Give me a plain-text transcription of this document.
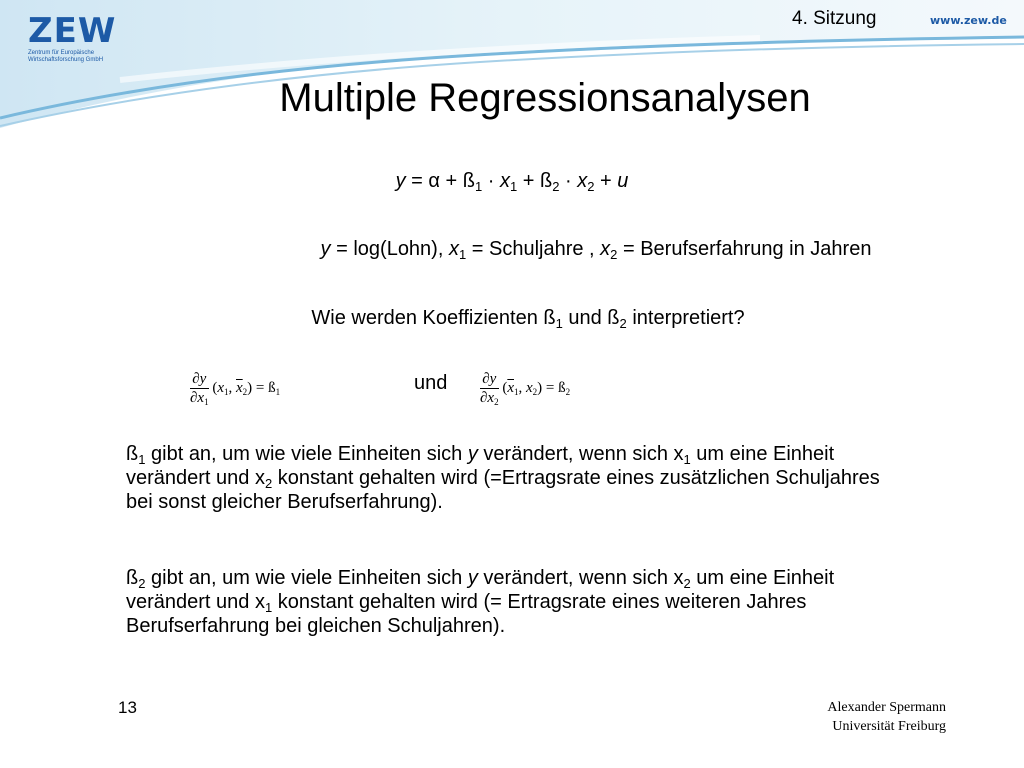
ZEW
Zentrum für Europäische Wirtschaftsforschung GmbH
4. Sitzung	www.zew.de
Multiple Regressionsanalysen
$y = \alpha + ß_1 \cdot x_1$ + $ß_2 \cdot x_2 + u$
y = log(Lohn), $x_1$ = Schuljahre , $x_2$ = Berufserfahrung in Jahren
Wie werden Koeffizienten $ß_1$ und $ß_2$ interpretiert?
$\frac{\partial y}{\partial x_1} (x_1$, $\overline{x}_2$) = $ß_1$	und $\frac{\partial y}{\partial x_2} (\overline{x}_1$, $x_2$) = $ß_2$
$ß_1$ gibt an, um wie viele Einheiten sich y verändert, wenn sich $x_1$ um eine Einheit verändert und $x_2$ konstant gehalten wird (=Ertragsrate eines zusätzlichen Schuljahres bei sonst gleicher Berufserfahrung).
$ß_2$ gibt an, um wie viele Einheiten sich y verändert, wenn sich $x_2$ um eine Einheit verändert und $x_1$ konstant gehalten wird (= Ertragsrate eines weiteren Jahres Berufserfahrung bei gleichen Schuljahren).
13	Alexander Spermann
Universität Freiburg
